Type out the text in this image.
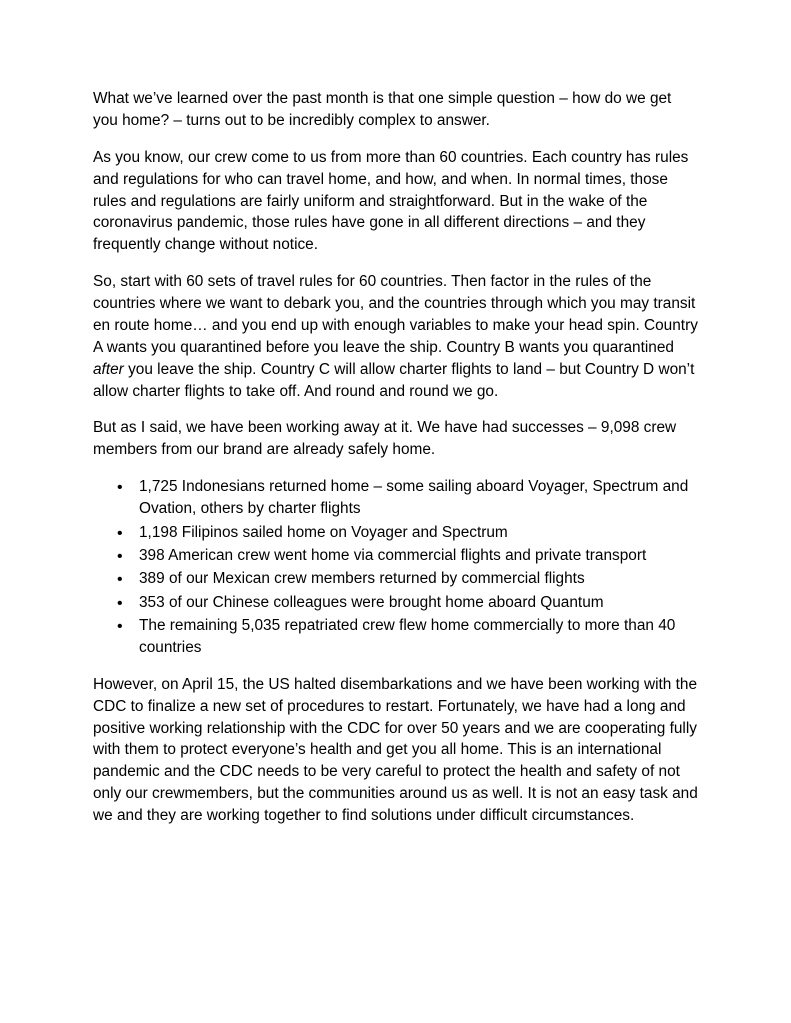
What we’ve learned over the past month is that one simple question – how do we get you home? – turns out to be incredibly complex to answer.

As you know, our crew come to us from more than 60 countries. Each country has rules and regulations for who can travel home, and how, and when. In normal times, those rules and regulations are fairly uniform and straightforward. But in the wake of the coronavirus pandemic, those rules have gone in all different directions – and they frequently change without notice.

So, start with 60 sets of travel rules for 60 countries. Then factor in the rules of the countries where we want to debark you, and the countries through which you may transit en route home… and you end up with enough variables to make your head spin. Country A wants you quarantined before you leave the ship. Country B wants you quarantined after you leave the ship. Country C will allow charter flights to land – but Country D won’t allow charter flights to take off. And round and round we go.

But as I said, we have been working away at it. We have had successes – 9,098 crew members from our brand are already safely home.

• 1,725 Indonesians returned home – some sailing aboard Voyager, Spectrum and Ovation, others by charter flights
• 1,198 Filipinos sailed home on Voyager and Spectrum
• 398 American crew went home via commercial flights and private transport
• 389 of our Mexican crew members returned by commercial flights
• 353 of our Chinese colleagues were brought home aboard Quantum
• The remaining 5,035 repatriated crew flew home commercially to more than 40 countries

However, on April 15, the US halted disembarkations and we have been working with the CDC to finalize a new set of procedures to restart. Fortunately, we have had a long and positive working relationship with the CDC for over 50 years and we are cooperating fully with them to protect everyone’s health and get you all home. This is an international pandemic and the CDC needs to be very careful to protect the health and safety of not only our crewmembers, but the communities around us as well. It is not an easy task and we and they are working together to find solutions under difficult circumstances.
